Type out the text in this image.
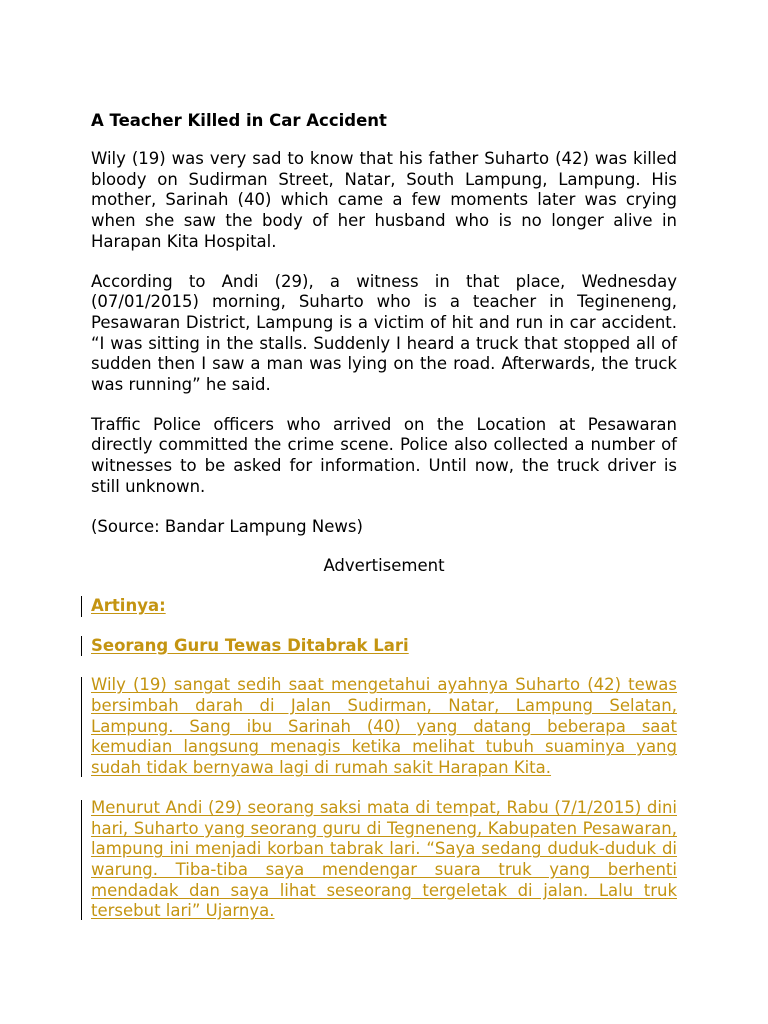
A Teacher Killed in Car Accident

Wily (19) was very sad to know that his father Suharto (42) was killed bloody on Sudirman Street, Natar, South Lampung, Lampung. His mother, Sarinah (40) which came a few moments later was crying when she saw the body of her husband who is no longer alive in Harapan Kita Hospital.

According to Andi (29), a witness in that place, Wednesday (07/01/2015) morning, Suharto who is a teacher in Tegineneng, Pesawaran District, Lampung is a victim of hit and run in car accident. “I was sitting in the stalls. Suddenly I heard a truck that stopped all of sudden then I saw a man was lying on the road. Afterwards, the truck was running” he said.

Traffic Police officers who arrived on the Location at Pesawaran directly committed the crime scene. Police also collected a number of witnesses to be asked for information. Until now, the truck driver is still unknown.

(Source: Bandar Lampung News)

Advertisement

Artinya:

Seorang Guru Tewas Ditabrak Lari

Wily (19) sangat sedih saat mengetahui ayahnya Suharto (42) tewas bersimbah darah di Jalan Sudirman, Natar, Lampung Selatan, Lampung. Sang ibu Sarinah (40) yang datang beberapa saat kemudian langsung menagis ketika melihat tubuh suaminya yang sudah tidak bernyawa lagi di rumah sakit Harapan Kita.
Menurut Andi (29) seorang saksi mata di tempat, Rabu (7/1/2015) dini hari, Suharto yang seorang guru di Tegneneng, Kabupaten Pesawaran, lampung ini menjadi korban tabrak lari. “Saya sedang duduk-duduk di warung. Tiba-tiba saya mendengar suara truk yang berhenti mendadak dan saya lihat seseorang tergeletak di jalan. Lalu truk tersebut lari” Ujarnya.
